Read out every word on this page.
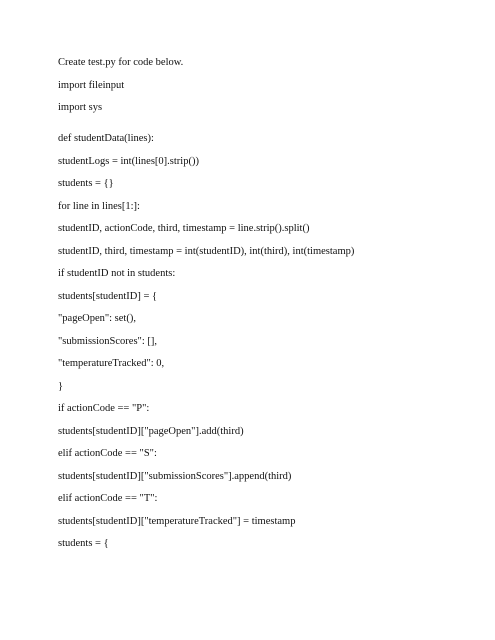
Create test.py for code below.
import fileinput
import sys
def studentData(lines):
studentLogs = int(lines[0].strip())
students = {}
for line in lines[1:]:
studentID, actionCode, third, timestamp = line.strip().split()
studentID, third, timestamp = int(studentID), int(third), int(timestamp)
if studentID not in students:
students[studentID] = {
"pageOpen": set(),
"submissionScores": [],
"temperatureTracked": 0,
}
if actionCode == "P":
students[studentID]["pageOpen"].add(third)
elif actionCode == "S":
students[studentID]["submissionScores"].append(third)
elif actionCode == "T":
students[studentID]["temperatureTracked"] = timestamp
students = {
